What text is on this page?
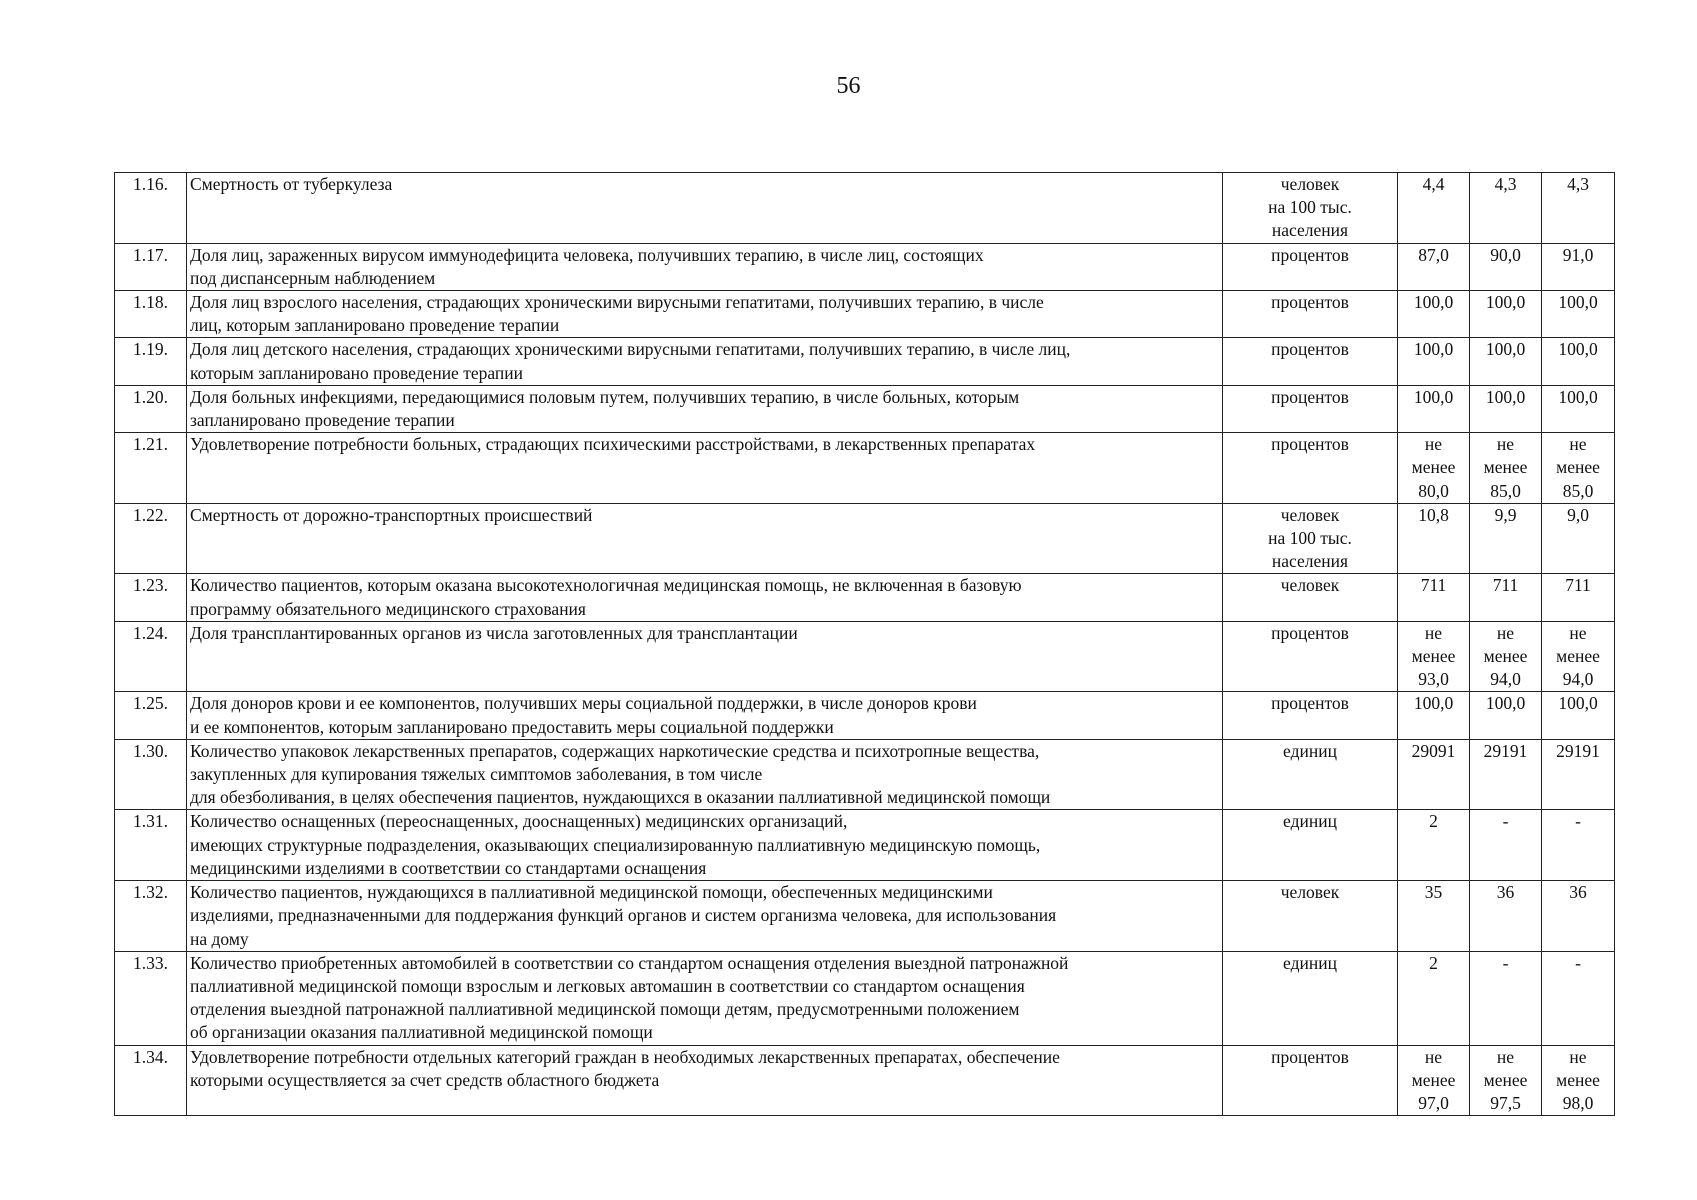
56
1.16.	Смертность от туберкулеза	человек
на 100 тыс.
населения	4,4	4,3	4,3

1.17.	Доля лиц, зараженных вирусом иммунодефицита человека, получивших терапию, в числе лиц, состоящих
под диспансерным наблюдением	процентов	87,0	90,0	91,0

1.18.	Доля лиц взрослого населения, страдающих хроническими вирусными гепатитами, получивших терапию, в числе
лиц, которым запланировано проведение терапии	процентов	100,0	100,0	100,0

1.19.	Доля лиц детского населения, страдающих хроническими вирусными гепатитами, получивших терапию, в числе лиц,
которым запланировано проведение терапии	процентов	100,0	100,0	100,0

1.20.	Доля больных инфекциями, передающимися половым путем, получивших терапию, в числе больных, которым
запланировано проведение терапии	процентов	100,0	100,0	100,0

1.21.	Удовлетворение потребности больных, страдающих психическими расстройствами, в лекарственных препаратах	процентов	не
менее
80,0	не
менее
85,0	не
менее
85,0

1.22.	Смертность от дорожно-транспортных происшествий	человек
на 100 тыс.
населения	10,8	9,9	9,0

1.23.	Количество пациентов, которым оказана высокотехнологичная медицинская помощь, не включенная в базовую
программу обязательного медицинского страхования	человек	711	711	711

1.24.	Доля трансплантированных органов из числа заготовленных для трансплантации	процентов	не
менее
93,0	не
менее
94,0	не
менее
94,0

1.25.	Доля доноров крови и ее компонентов, получивших меры социальной поддержки, в числе доноров крови
и ее компонентов, которым запланировано предоставить меры социальной поддержки	процентов	100,0	100,0	100,0

1.30.	Количество упаковок лекарственных препаратов, содержащих наркотические средства и психотропные вещества,
закупленных для купирования тяжелых симптомов заболевания, в том числе
для обезболивания, в целях обеспечения пациентов, нуждающихся в оказании паллиативной медицинской помощи	единиц	29091	29191	29191

1.31.	Количество оснащенных (переоснащенных, дооснащенных) медицинских организаций,
имеющих структурные подразделения, оказывающих специализированную паллиативную медицинскую помощь,
медицинскими изделиями в соответствии со стандартами оснащения	единиц	2	-	-

1.32.	Количество пациентов, нуждающихся в паллиативной медицинской помощи, обеспеченных медицинскими
изделиями, предназначенными для поддержания функций органов и систем организма человека, для использования
на дому	человек	35	36	36

1.33.	Количество приобретенных автомобилей в соответствии со стандартом оснащения отделения выездной патронажной
паллиативной медицинской помощи взрослым и легковых автомашин в соответствии со стандартом оснащения
отделения выездной патронажной паллиативной медицинской помощи детям, предусмотренными положением
об организации оказания паллиативной медицинской помощи	единиц	2	-	-

1.34.	Удовлетворение потребности отдельных категорий граждан в необходимых лекарственных препаратах, обеспечение
которыми осуществляется за счет средств областного бюджета	процентов	не
менее
97,0	не
менее
97,5	не
менее
98,0
